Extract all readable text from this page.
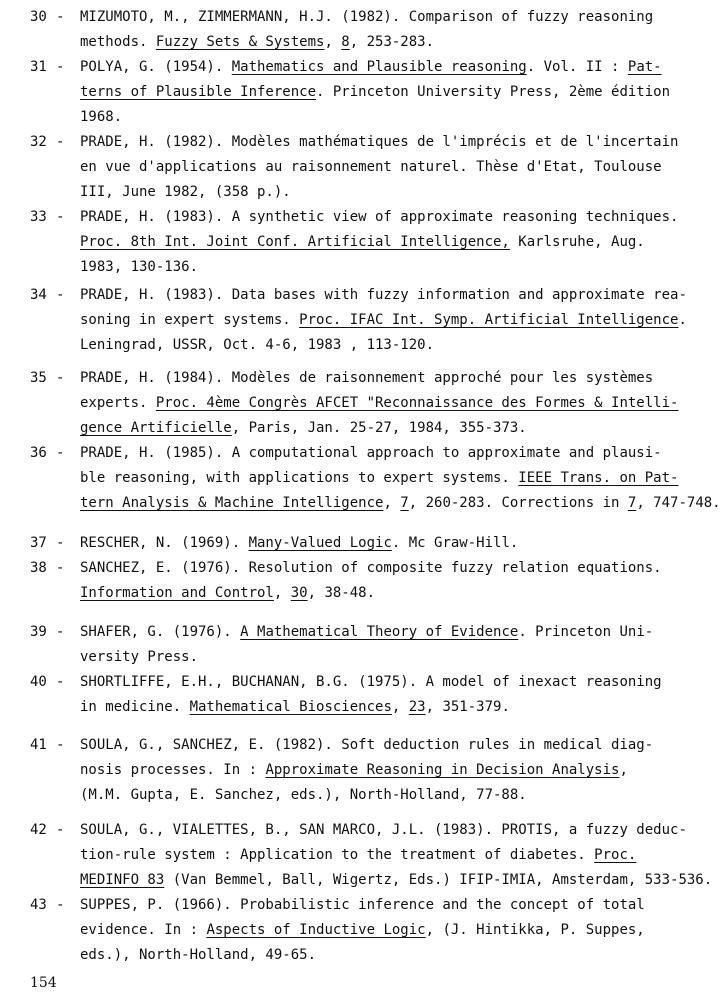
30 - MIZUMOTO, M., ZIMMERMANN, H.J. (1982). Comparison of fuzzy reasoning
methods. Fuzzy Sets & Systems, 8, 253-283.
31 - POLYA, G. (1954). Mathematics and Plausible reasoning. Vol. II : Pat-
terns of Plausible Inference. Princeton University Press, 2ème édition
1968.
32 - PRADE, H. (1982). Modèles mathématiques de l'imprécis et de l'incertain
en vue d'applications au raisonnement naturel. Thèse d'Etat, Toulouse
III, June 1982, (358 p.).
33 - PRADE, H. (1983). A synthetic view of approximate reasoning techniques.
Proc. 8th Int. Joint Conf. Artificial Intelligence, Karlsruhe, Aug.
1983, 130-136.
34 - PRADE, H. (1983). Data bases with fuzzy information and approximate rea-
soning in expert systems. Proc. IFAC Int. Symp. Artificial Intelligence.
Leningrad, USSR, Oct. 4-6, 1983 , 113-120.
35 - PRADE, H. (1984). Modèles de raisonnement approché pour les systèmes
experts. Proc. 4ème Congrès AFCET "Reconnaissance des Formes & Intelli-
gence Artificielle, Paris, Jan. 25-27, 1984, 355-373.
36 - PRADE, H. (1985). A computational approach to approximate and plausi-
ble reasoning, with applications to expert systems. IEEE Trans. on Pat-
tern Analysis & Machine Intelligence, 7, 260-283. Corrections in 7, 747-748.
37 - RESCHER, N. (1969). Many-Valued Logic. Mc Graw-Hill.
38 - SANCHEZ, E. (1976). Resolution of composite fuzzy relation equations.
Information and Control, 30, 38-48.
39 - SHAFER, G. (1976). A Mathematical Theory of Evidence. Princeton Uni-
versity Press.
40 - SHORTLIFFE, E.H., BUCHANAN, B.G. (1975). A model of inexact reasoning
in medicine. Mathematical Biosciences, 23, 351-379.
41 - SOULA, G., SANCHEZ, E. (1982). Soft deduction rules in medical diag-
nosis processes. In : Approximate Reasoning in Decision Analysis,
(M.M. Gupta, E. Sanchez, eds.), North-Holland, 77-88.
42 - SOULA, G., VIALETTES, B., SAN MARCO, J.L. (1983). PROTIS, a fuzzy deduc-
tion-rule system : Application to the treatment of diabetes. Proc.
MEDINFO 83 (Van Bemmel, Ball, Wigertz, Eds.) IFIP-IMIA, Amsterdam, 533-536.
43 - SUPPES, P. (1966). Probabilistic inference and the concept of total
evidence. In : Aspects of Inductive Logic, (J. Hintikka, P. Suppes,
eds.), North-Holland, 49-65.
154
